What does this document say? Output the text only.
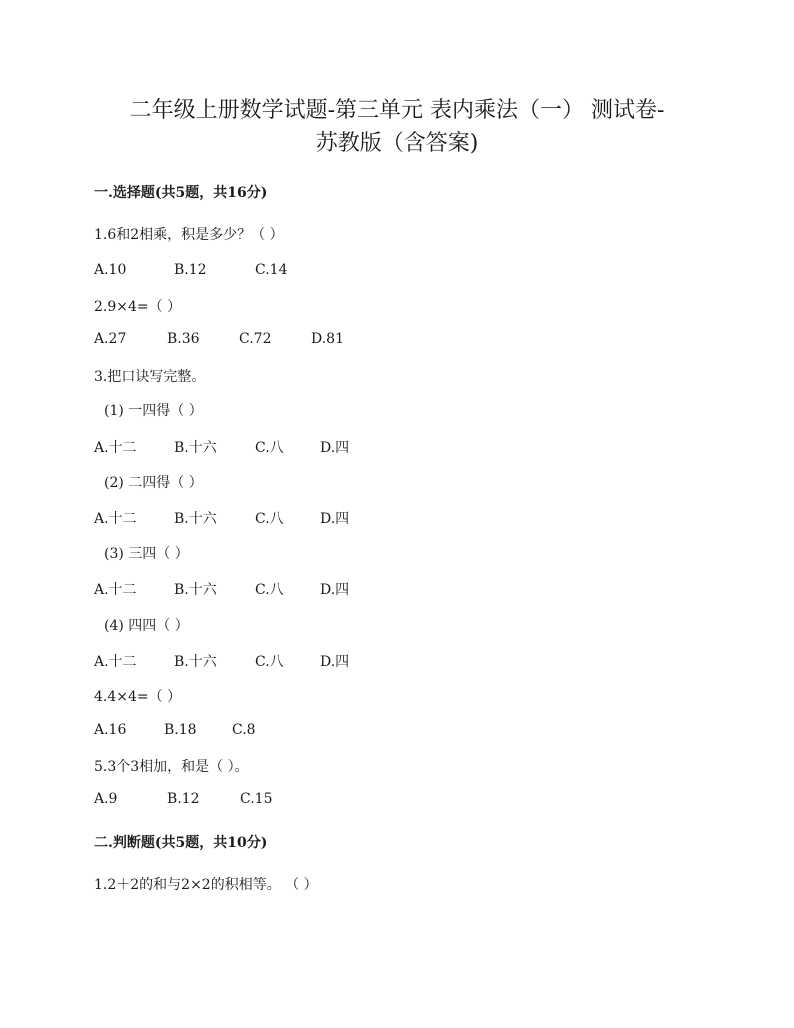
二年级上册数学试题-第三单元 表内乘法（一） 测试卷-
苏教版（含答案)
一.选择题(共5题，共16分)
1.6和2相乘，积是多少？（ ）
A.10	B.12	C.14
2.9×4=（ ）
A.27	B.36	C.72	D.81
3.把口诀写完整。
(1) 一四得（ ）
A.十二	B.十六	C.八	D.四
(2) 二四得（ ）
A.十二	B.十六	C.八	D.四
(3) 三四（ ）
A.十二	B.十六	C.八	D.四
(4) 四四（ ）
A.十二	B.十六	C.八	D.四
4.4×4=（ ）
A.16	B.18	C.8
5.3个3相加，和是（ ）。
A.9	B.12	C.15
二.判断题(共5题，共10分)
1.2＋2的和与2×2的积相等。 （ ）
